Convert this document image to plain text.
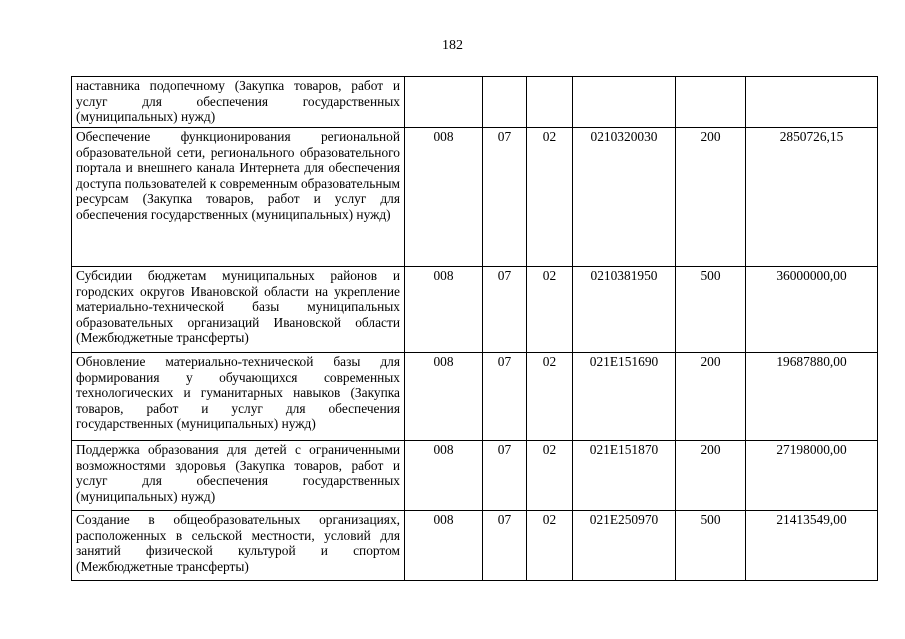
182
наставника подопечному (Закупка товаров, работ и услуг для обеспечения государственных (муниципальных) нужд)						
Обеспечение функционирования региональной образовательной сети, регионального образовательного портала и внешнего канала Интернета для обеспечения доступа пользователей к современным образовательным ресурсам (Закупка товаров, работ и услуг для обеспечения государственных (муниципальных) нужд)	008	07	02	0210320030	200	2850726,15
Субсидии бюджетам муниципальных районов и городских округов Ивановской области на укрепление материально-технической базы муниципальных образовательных организаций Ивановской области (Межбюджетные трансферты)	008	07	02	0210381950	500	36000000,00
Обновление материально-технической базы для формирования у обучающихся современных технологических и гуманитарных навыков (Закупка товаров, работ и услуг для обеспечения государственных (муниципальных) нужд)	008	07	02	021E151690	200	19687880,00
Поддержка образования для детей с ограниченными возможностями здоровья (Закупка товаров, работ и услуг для обеспечения государственных (муниципальных) нужд)	008	07	02	021E151870	200	27198000,00
Создание в общеобразовательных организациях, расположенных в сельской местности, условий для занятий физической культурой и спортом (Межбюджетные трансферты)	008	07	02	021E250970	500	21413549,00
